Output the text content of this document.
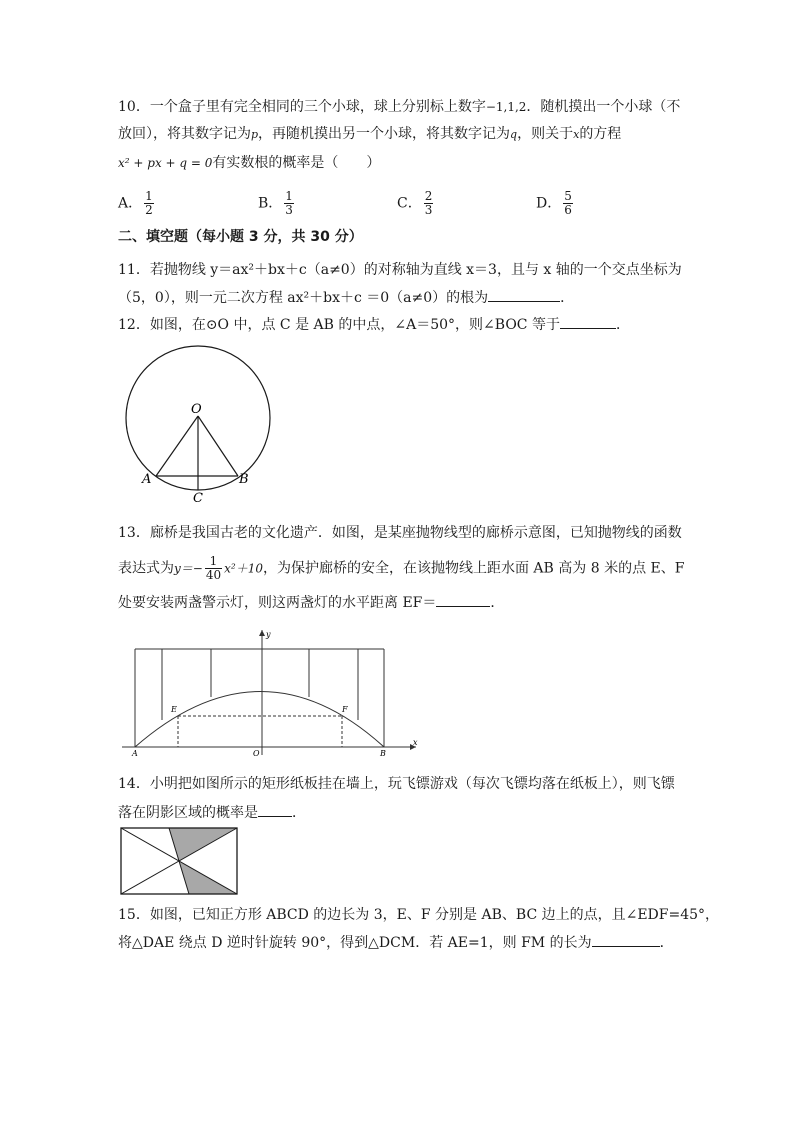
10．一个盒子里有完全相同的三个小球，球上分别标上数字−1,1,2．随机摸出一个小球（不
放回），将其数字记为p，再随机摸出另一个小球，将其数字记为q，则关于x的方程
x² + px + q = 0有实数根的概率是（　　）
A． $\frac{1}{2}$	B． $\frac{1}{3}$	C． $\frac{2}{3}$	D． $\frac{5}{6}$
二、填空题（每小题 3 分，共 30 分）
11．若抛物线 y＝ax²＋bx＋c（a≠0）的对称轴为直线 x＝3，且与 x 轴的一个交点坐标为
（5，0），则一元二次方程 ax²＋bx＋c ＝0（a≠0）的根为	．
12．如图，在⊙O 中，点 C 是 AB 的中点，∠A＝50°，则∠BOC 等于	．
O
A	B
C
13．廊桥是我国古老的文化遗产．如图，是某座抛物线型的廊桥示意图，已知抛物线的函数
表达式为$y=- \frac{1}{40} x^2+10$，为保护廊桥的安全，在该抛物线上距水面 AB 高为 8 米的点 E、F
处要安装两盏警示灯，则这两盏灯的水平距离 EF＝	．
y
x
O
A	B
E	F
14．小明把如图所示的矩形纸板挂在墙上，玩飞镖游戏（每次飞镖均落在纸板上），则飞镖
落在阴影区域的概率是 ．
15．如图，已知正方形 ABCD 的边长为 3，E、F 分别是 AB、BC 边上的点，且∠EDF=45°，
将△DAE 绕点 D 逆时针旋转 90°，得到△DCM．若 AE=1，则 FM 的长为	．
